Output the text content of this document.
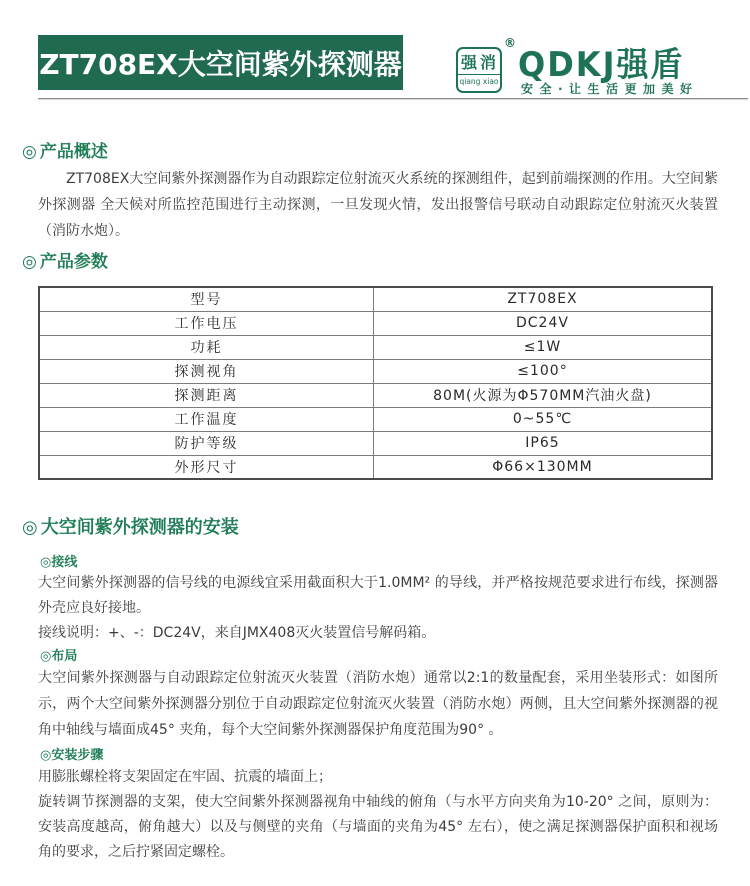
ZT708EX大空间紫外探测器	强消
qiang xiao
®
QDKJ强盾
安全·让生活更加美好
◎ 产品概述

ZT708EX大空间紫外探测器作为自动跟踪定位射流灭火系统的探测组件，起到前端探测的作用。大空间紫外探测器 全天候对所监控范围进行主动探测，一旦发现火情，发出报警信号联动自动跟踪定位射流灭火装置（消防水炮）。

◎ 产品参数
型号	ZT708EX
工作电压	DC24V
功耗	≤1W
探测视角	≤100°
探测距离	80M(火源为Φ570MM汽油火盘)
工作温度	0~55℃
防护等级	IP65
外形尺寸	Φ66×130MM
◎ 大空间紫外探测器的安装
◎接线

大空间紫外探测器的信号线的电源线宜采用截面积大于1.0MM² 的导线，并严格按规范要求进行布线，探测器外壳应良好接地。

接线说明：+、-：DC24V，来自JMX408灭火装置信号解码箱。

◎布局

大空间紫外探测器与自动跟踪定位射流灭火装置（消防水炮）通常以2:1的数量配套，采用坐装形式：如图所示，两个大空间紫外探测器分别位于自动跟踪定位射流灭火装置（消防水炮）两侧，且大空间紫外探测器的视角中轴线与墙面成45° 夹角，每个大空间紫外探测器保护角度范围为90° 。

◎安装步骤

用膨胀螺栓将支架固定在牢固、抗震的墙面上；

旋转调节探测器的支架，使大空间紫外探测器视角中轴线的俯角（与水平方向夹角为10-20° 之间，原则为：安装高度越高，俯角越大）以及与侧壁的夹角（与墙面的夹角为45° 左右），使之满足探测器保护面积和视场角的要求，之后拧紧固定螺栓。
